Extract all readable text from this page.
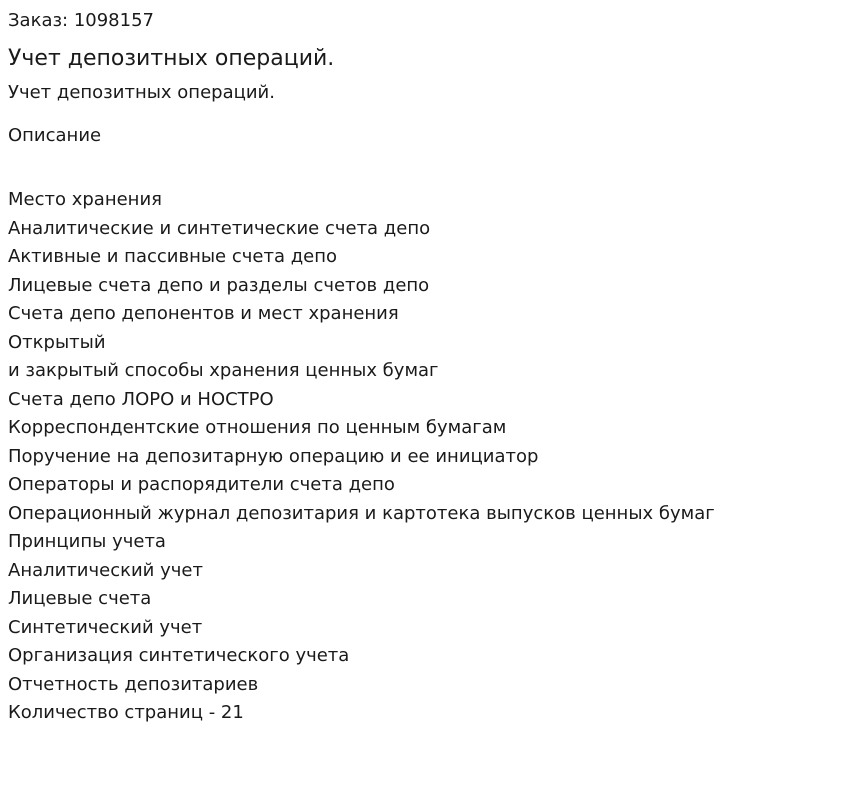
Заказ: 1098157

Учет депозитных операций.

Учет депозитных операций.

Описание
Место хранения
Аналитические и синтетические счета депо
Активные и пассивные счета депо
Лицевые счета депо и разделы счетов депо
Счета депо депонентов и мест хранения
Открытый
и закрытый способы хранения ценных бумаг
Счета депо ЛОРО и НОСТРО
Корреспондентские отношения по ценным бумагам
Поручение на депозитарную операцию и ее инициатор
Операторы и распорядители счета депо
Операционный журнал депозитария и картотека выпусков ценных бумаг
Принципы учета
Аналитический учет
Лицевые счета
Синтетический учет
Организация синтетического учета
Отчетность депозитариев
Количество страниц - 21
